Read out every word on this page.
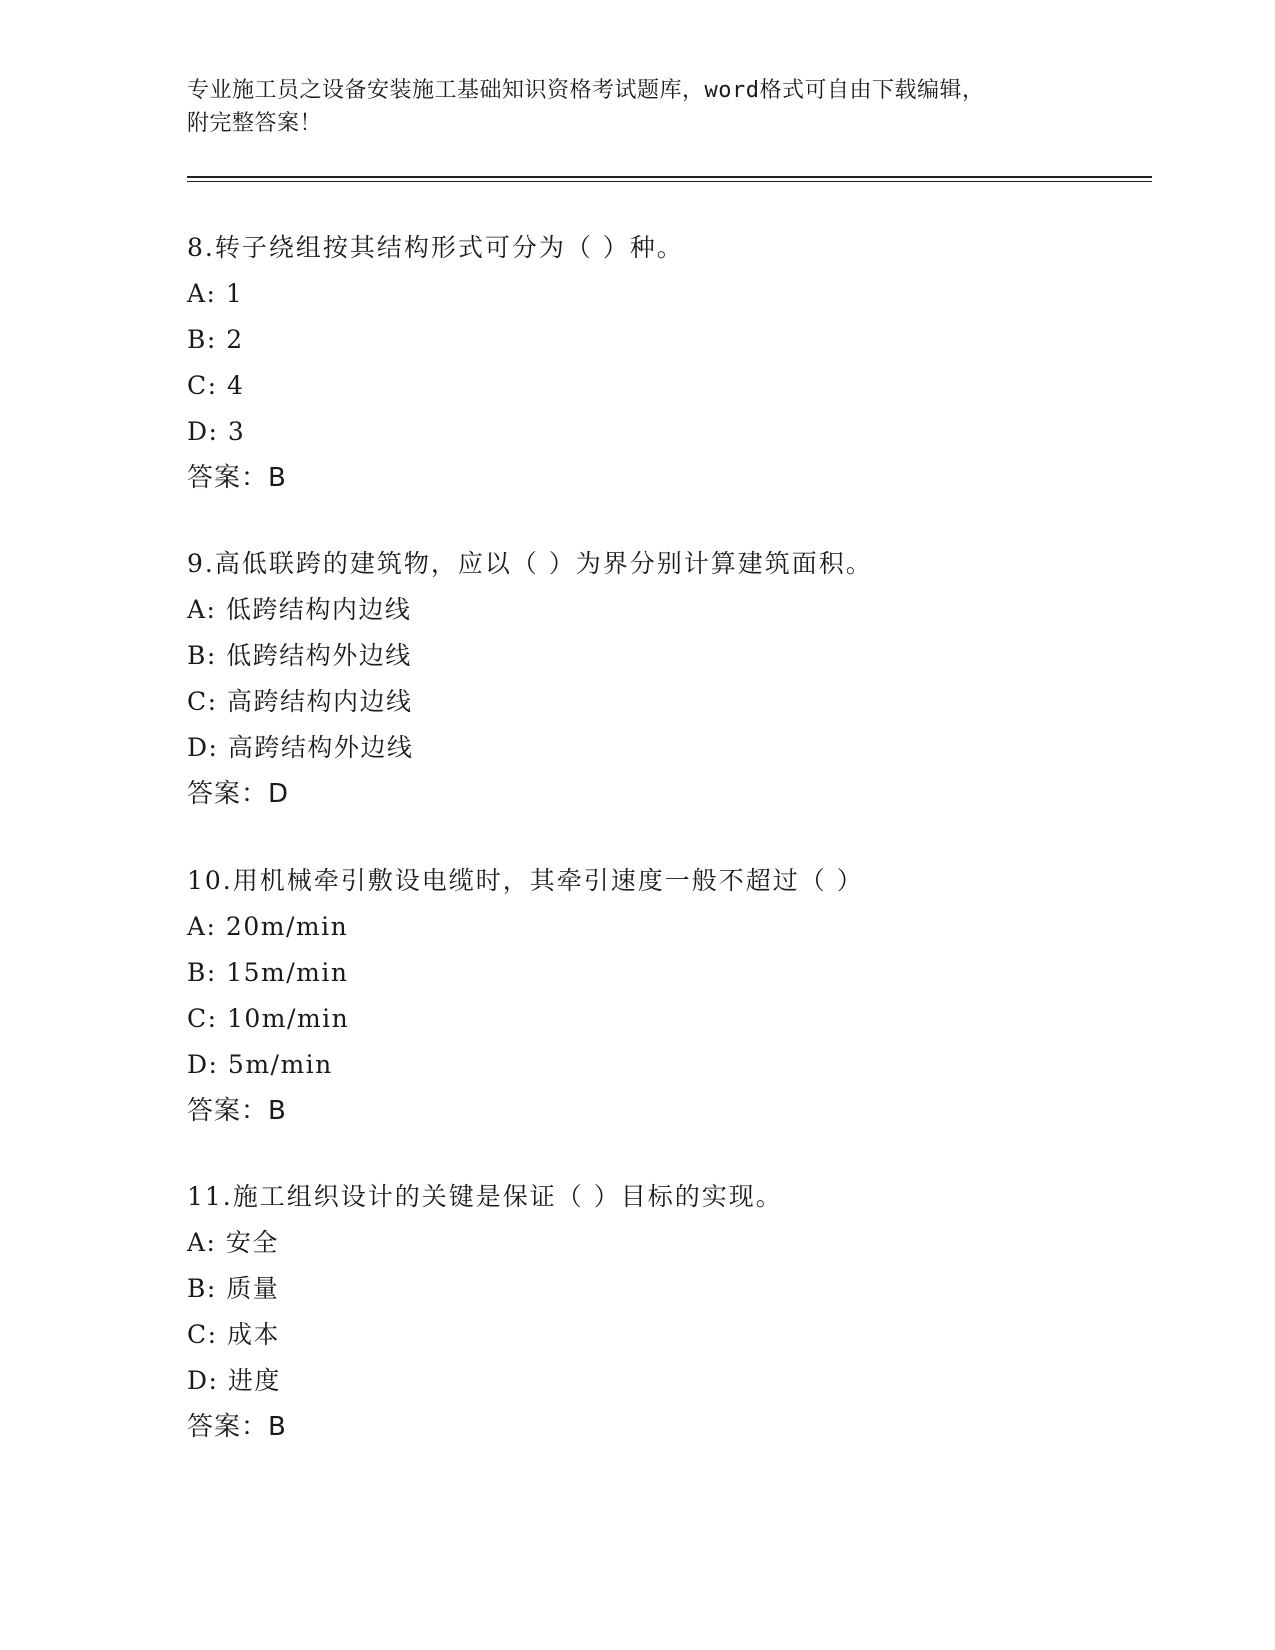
专业施工员之设备安装施工基础知识资格考试题库，word格式可自由下载编辑，
附完整答案！
8.转子绕组按其结构形式可分为（ ）种。
A: 1
B: 2
C: 4
D: 3
答案：B
9.高低联跨的建筑物，应以（ ）为界分别计算建筑面积。
A: 低跨结构内边线
B: 低跨结构外边线
C: 高跨结构内边线
D: 高跨结构外边线
答案：D
10.用机械牵引敷设电缆时，其牵引速度一般不超过（ ）
A: 20m/min
B: 15m/min
C: 10m/min
D: 5m/min
答案：B
11.施工组织设计的关键是保证（ ）目标的实现。
A: 安全
B: 质量
C: 成本
D: 进度
答案：B
